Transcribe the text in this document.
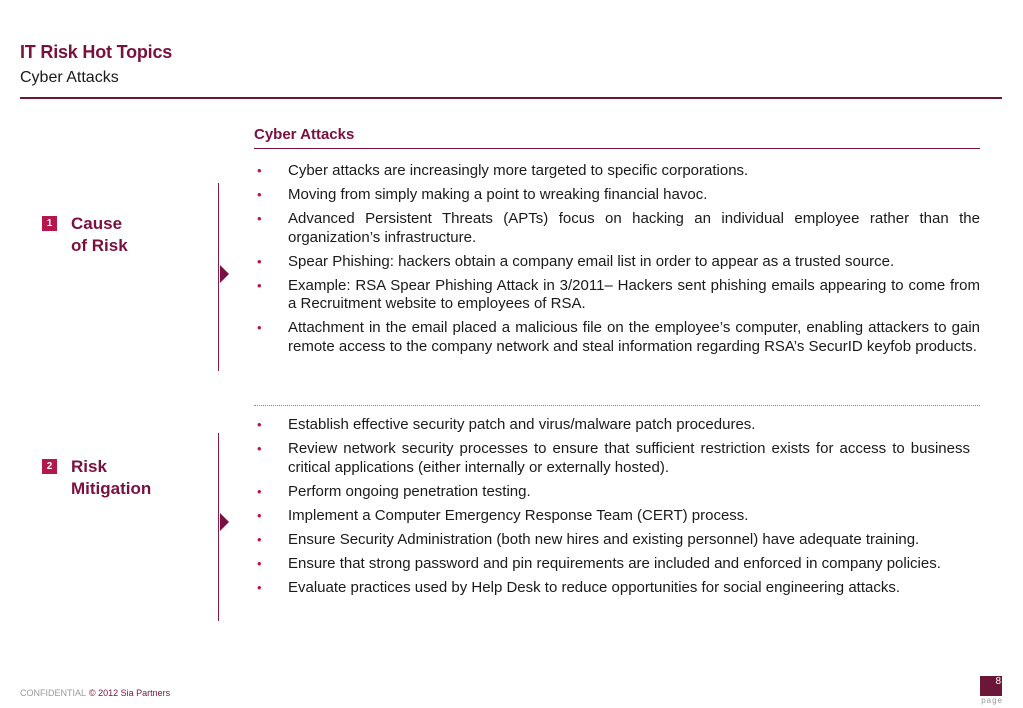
IT Risk Hot Topics
Cyber Attacks
Cyber Attacks
1 Cause
of Risk
• Cyber attacks are increasingly more targeted to specific corporations.
• Moving from simply making a point to wreaking financial havoc.
• Advanced Persistent Threats (APTs) focus on hacking an individual employee rather than the organization’s infrastructure.
• Spear Phishing: hackers obtain a company email list in order to appear as a trusted source.
• Example: RSA Spear Phishing Attack in 3/2011– Hackers sent phishing emails appearing to come from a Recruitment website to employees of RSA.
• Attachment in the email placed a malicious file on the employee’s computer, enabling attackers to gain remote access to the company network and steal information regarding RSA’s SecurID keyfob products.
2 Risk
Mitigation
• Establish effective security patch and virus/malware patch procedures.
• Review network security processes to ensure that sufficient restriction exists for access to business critical applications (either internally or externally hosted).
• Perform ongoing penetration testing.
• Implement a Computer Emergency Response Team (CERT) process.
• Ensure Security Administration (both new hires and existing personnel) have adequate training.
• Ensure that strong password and pin requirements are included and enforced in company policies.
• Evaluate practices used by Help Desk to reduce opportunities for social engineering attacks.
CONFIDENTIAL © 2012 Sia Partners
8
page
